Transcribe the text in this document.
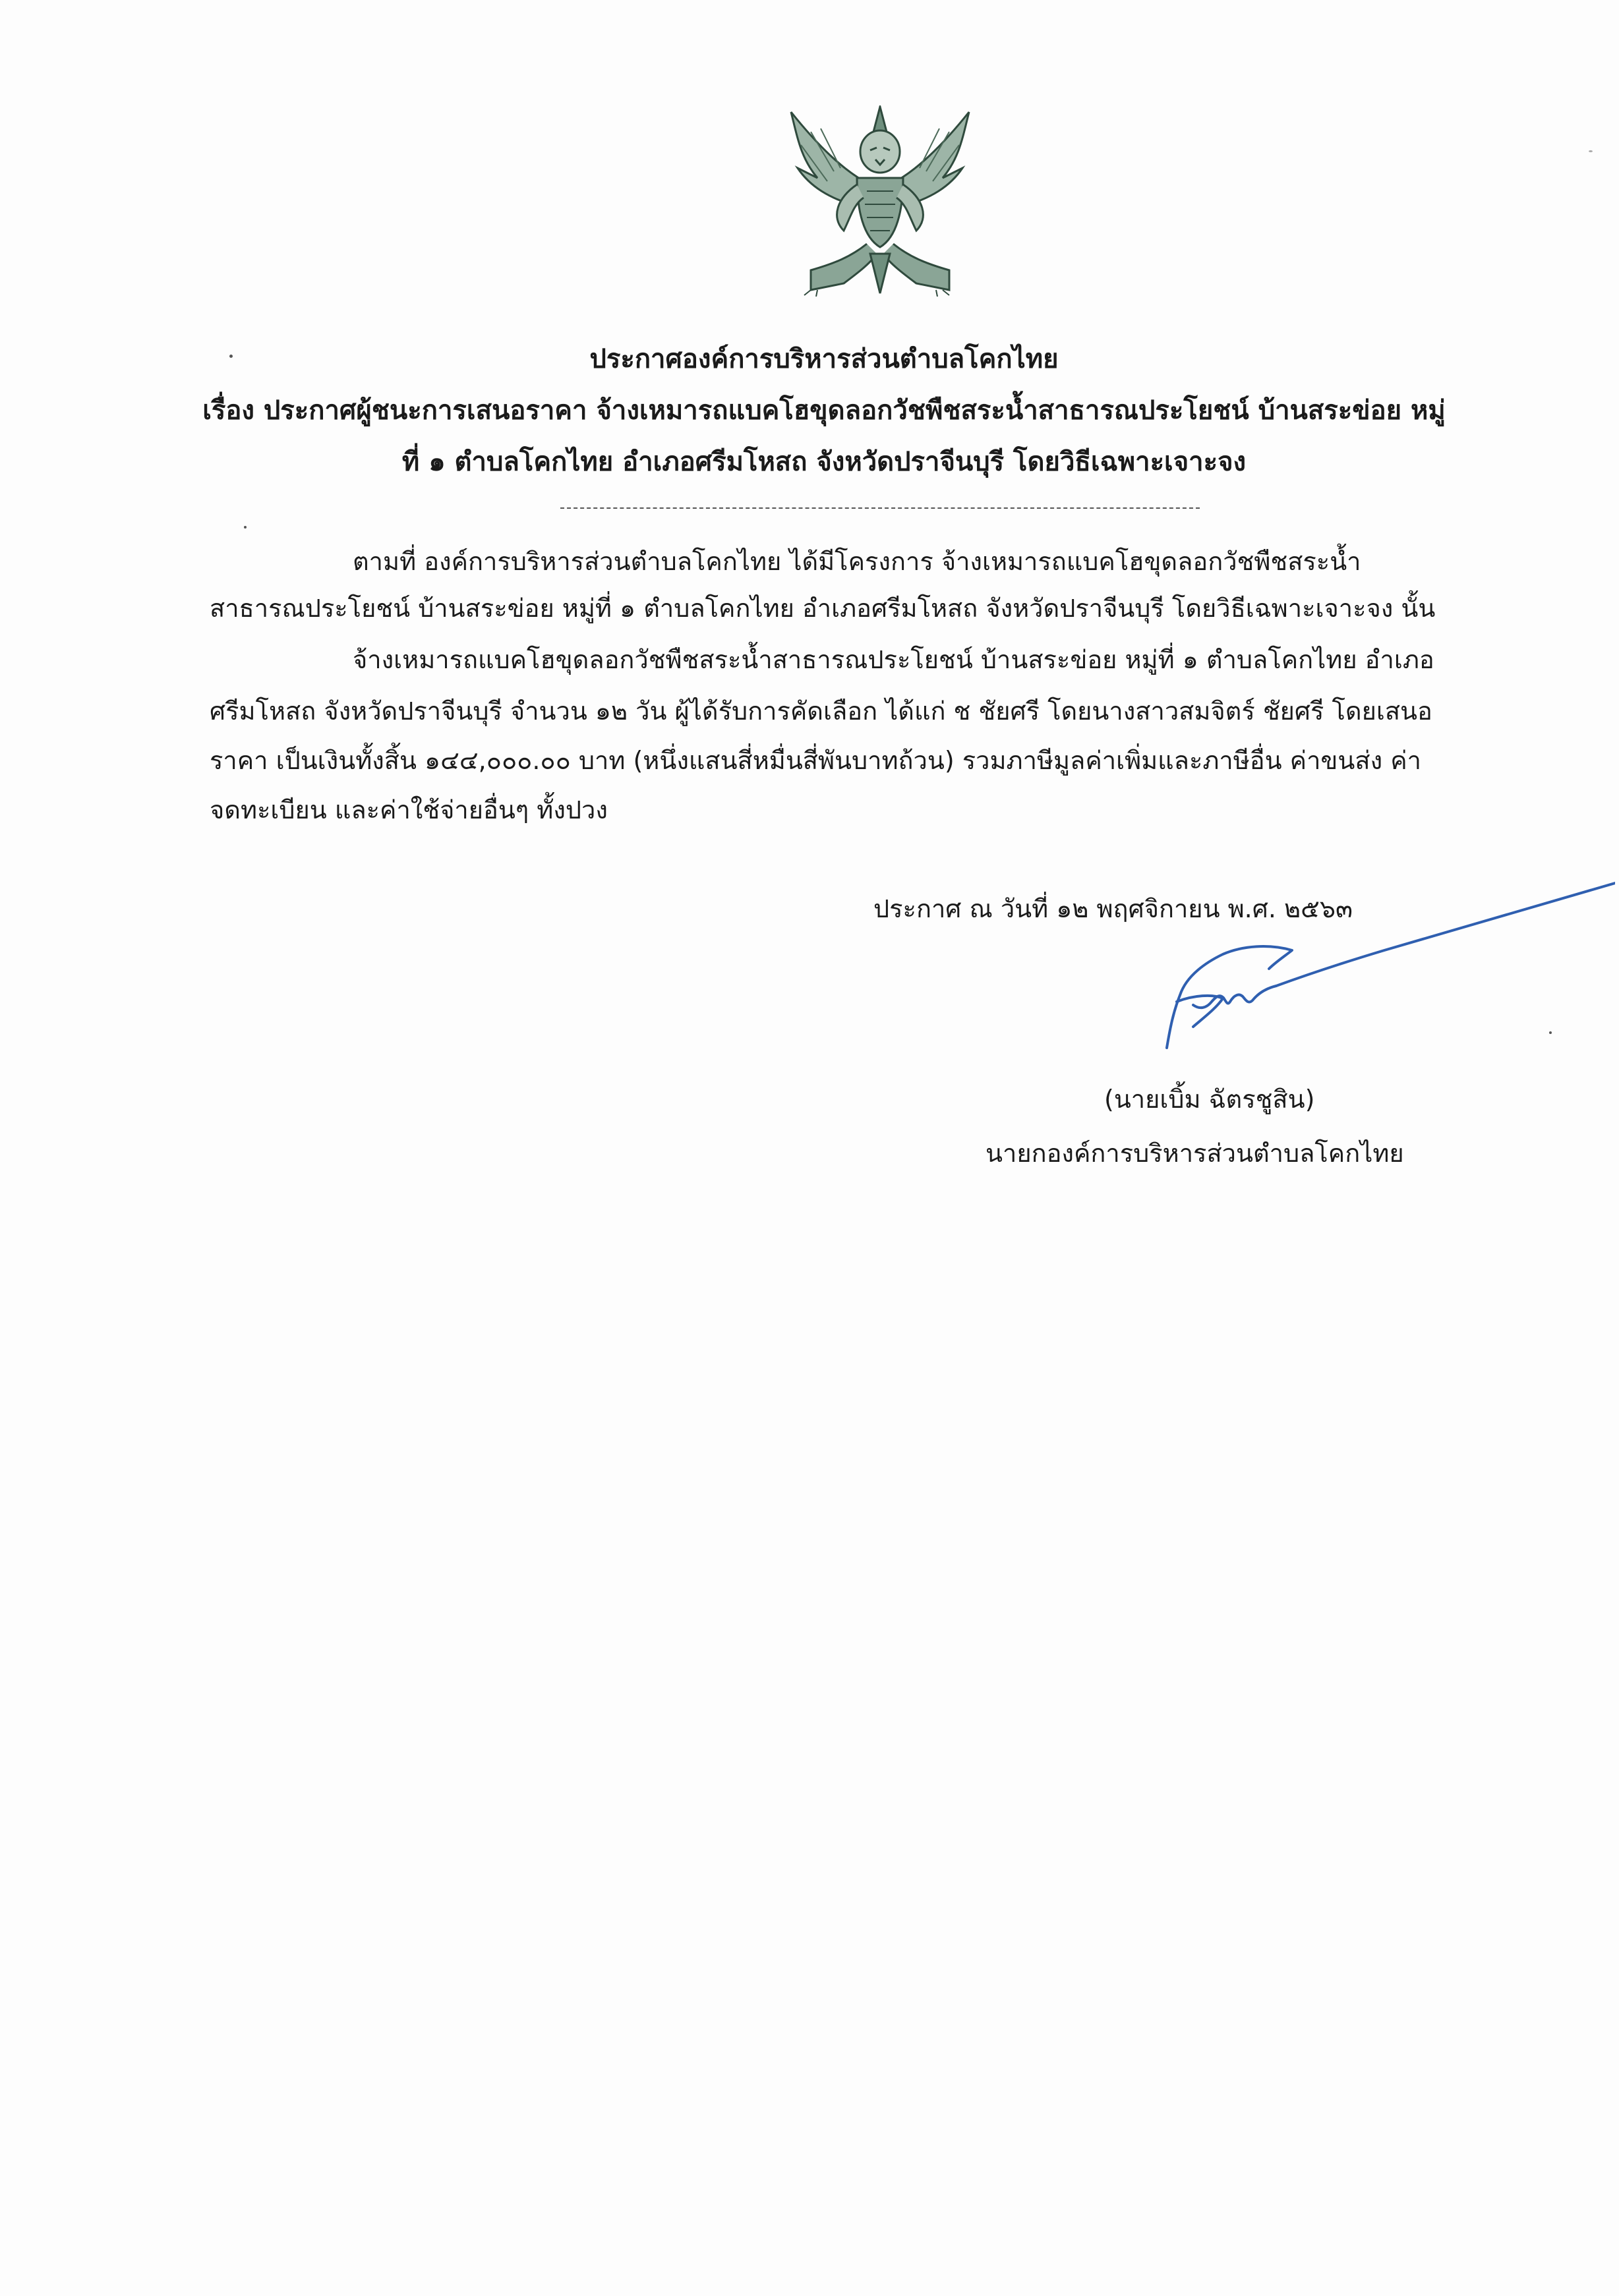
ประกาศองค์การบริหารส่วนตำบลโคกไทย
เรื่อง ประกาศผู้ชนะการเสนอราคา จ้างเหมารถแบคโฮขุดลอกวัชพืชสระน้ำสาธารณประโยชน์ บ้านสระข่อย หมู่
ที่ ๑ ตำบลโคกไทย อำเภอศรีมโหสถ จังหวัดปราจีนบุรี โดยวิธีเฉพาะเจาะจง
ตามที่ องค์การบริหารส่วนตำบลโคกไทย ได้มีโครงการ จ้างเหมารถแบคโฮขุดลอกวัชพืชสระน้ำ
สาธารณประโยชน์ บ้านสระข่อย หมู่ที่ ๑ ตำบลโคกไทย อำเภอศรีมโหสถ จังหวัดปราจีนบุรี โดยวิธีเฉพาะเจาะจง นั้น
จ้างเหมารถแบคโฮขุดลอกวัชพืชสระน้ำสาธารณประโยชน์ บ้านสระข่อย หมู่ที่ ๑ ตำบลโคกไทย อำเภอ
ศรีมโหสถ จังหวัดปราจีนบุรี จำนวน ๑๒ วัน ผู้ได้รับการคัดเลือก ได้แก่ ช ชัยศรี โดยนางสาวสมจิตร์ ชัยศรี โดยเสนอ
ราคา เป็นเงินทั้งสิ้น ๑๔๔,๐๐๐.๐๐ บาท (หนึ่งแสนสี่หมื่นสี่พันบาทถ้วน) รวมภาษีมูลค่าเพิ่มและภาษีอื่น ค่าขนส่ง ค่า
จดทะเบียน และค่าใช้จ่ายอื่นๆ ทั้งปวง
ประกาศ ณ วันที่ ๑๒ พฤศจิกายน พ.ศ. ๒๕๖๓
(นายเบิ้ม ฉัตรชูสิน)
นายกองค์การบริหารส่วนตำบลโคกไทย
